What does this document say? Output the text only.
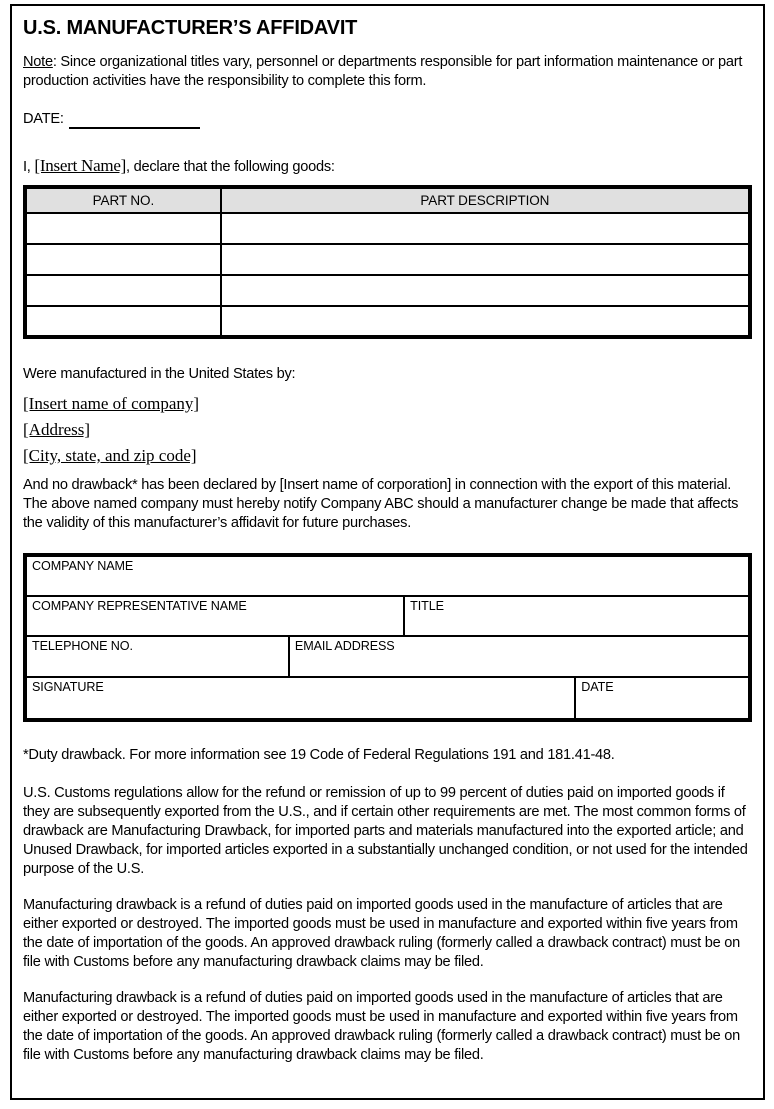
U.S. MANUFACTURER’S AFFIDAVIT

Note: Since organizational titles vary, personnel or departments responsible for part information maintenance or part production activities have the responsibility to complete this form.

DATE:

I, [Insert Name], declare that the following goods:

PART NO.	PART DESCRIPTION

Were manufactured in the United States by:

[Insert name of company]
[Address]
[City, state, and zip code]

And no drawback* has been declared by [Insert name of corporation] in connection with the export of this material. The above named company must hereby notify Company ABC should a manufacturer change be made that affects the validity of this manufacturer’s affidavit for future purchases.

COMPANY NAME			
COMPANY REPRESENTATIVE NAME		TITLE	
TELEPHONE NO.	EMAIL ADDRESS		
SIGNATURE			DATE

*Duty drawback. For more information see 19 Code of Federal Regulations 191 and 181.41-48.

U.S. Customs regulations allow for the refund or remission of up to 99 percent of duties paid on imported goods if they are subsequently exported from the U.S., and if certain other requirements are met. The most common forms of drawback are Manufacturing Drawback, for imported parts and materials manufactured into the exported article; and Unused Drawback, for imported articles exported in a substantially unchanged condition, or not used for the intended purpose of the U.S.

Manufacturing drawback is a refund of duties paid on imported goods used in the manufacture of articles that are either exported or destroyed. The imported goods must be used in manufacture and exported within five years from the date of importation of the goods. An approved drawback ruling (formerly called a drawback contract) must be on file with Customs before any manufacturing drawback claims may be filed.

Manufacturing drawback is a refund of duties paid on imported goods used in the manufacture of articles that are either exported or destroyed. The imported goods must be used in manufacture and exported within five years from the date of importation of the goods. An approved drawback ruling (formerly called a drawback contract) must be on file with Customs before any manufacturing drawback claims may be filed.
